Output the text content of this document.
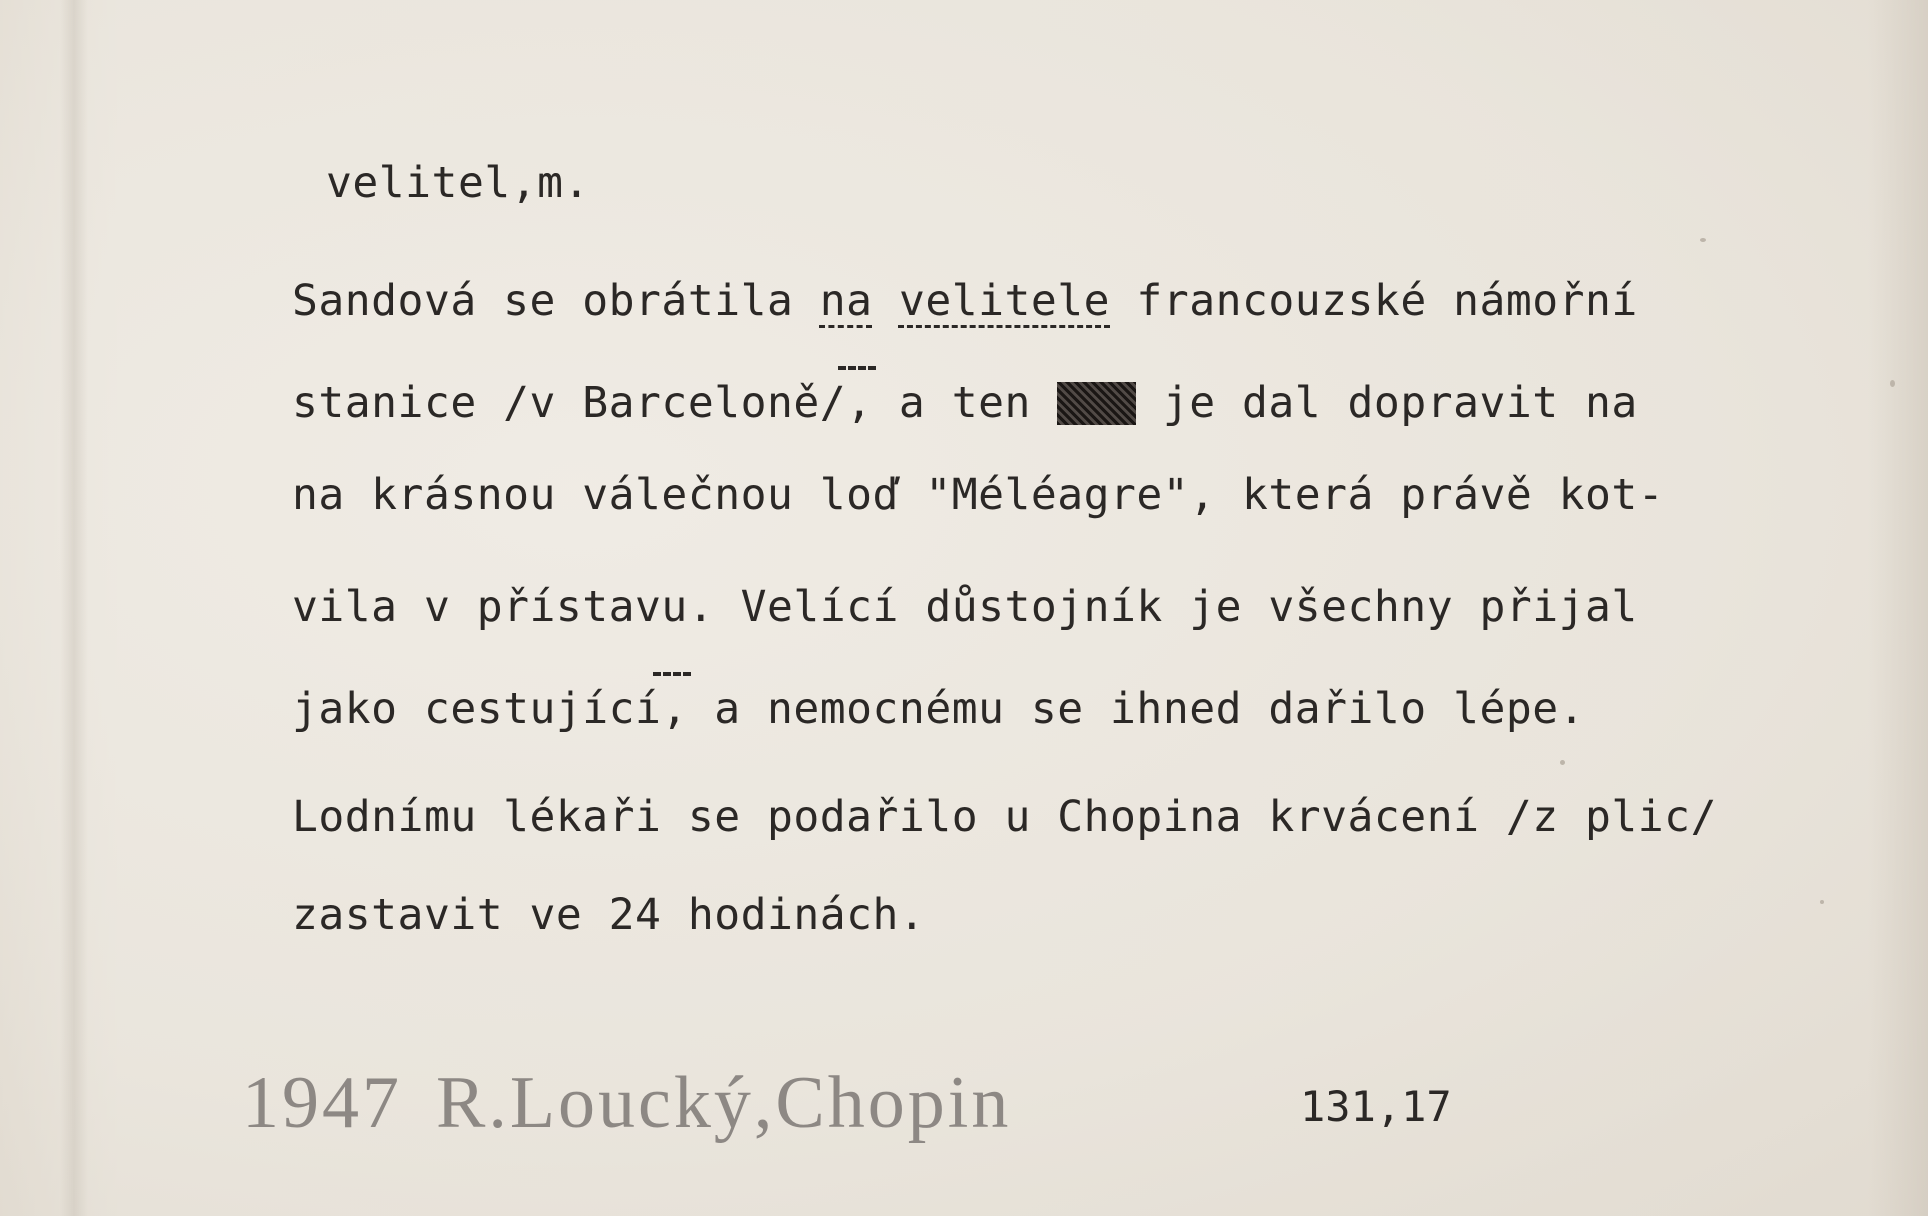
velitel,m.
Sandová se obrátila na velitele francouzské námořní
stanice /v Barceloně/, a ten  je dal dopravit na
na krásnou válečnou loď "Méléagre", která právě kot-
vila v přístavu. Velící důstojník je všechny přijal
jako cestující, a nemocnému se ihned dařilo lépe.
Lodnímu lékaři se podařilo u Chopina krvácení /z plic/
zastavit ve 24 hodinách.
1947 R.Loucký,Chopin	131,17
